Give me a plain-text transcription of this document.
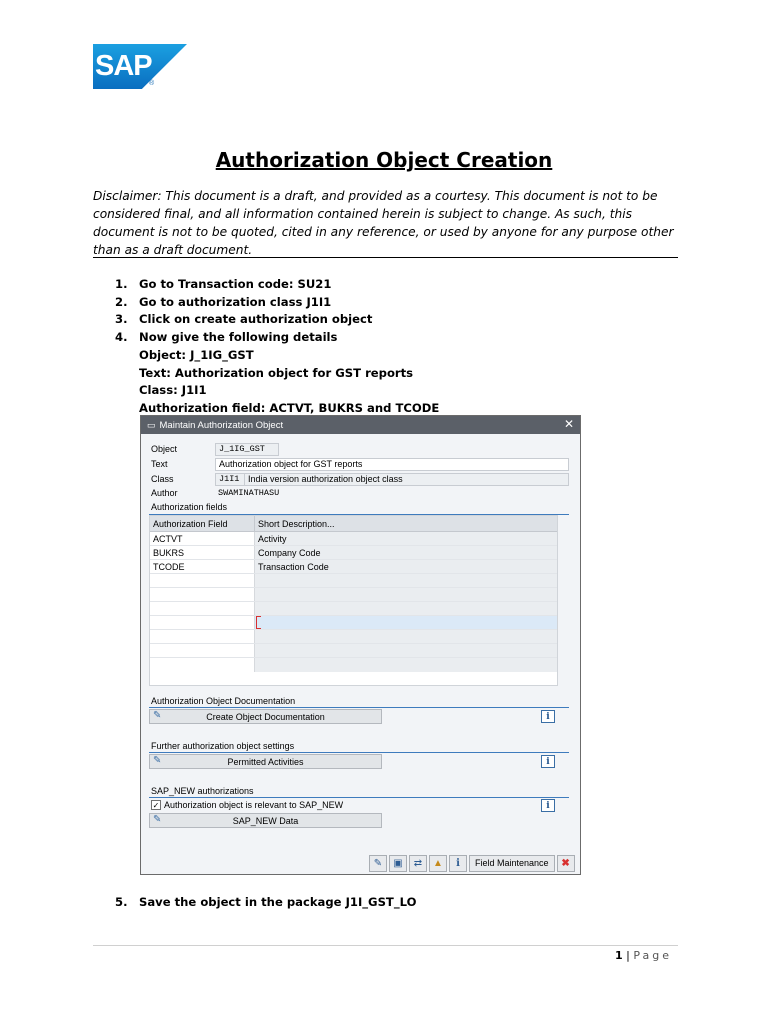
SAP
®
Authorization Object Creation
Disclaimer: This document is a draft, and provided as a courtesy. This document is not to be considered final, and all information contained herein is subject to change. As such, this document is not to be quoted, cited in any reference, or used by anyone for any purpose other than as a draft document.
1. Go to Transaction code: SU21
2. Go to authorization class J1I1
3. Click on create authorization object
4. Now give the following details
Object: J_1IG_GST
Text: Authorization object for GST reports
Class: J1I1
Authorization field: ACTVT, BUKRS and TCODE
▭ Maintain Authorization Object	✕
Object	J_1IG_GST
Text	Authorization object for GST reports
Class	J1I1 India version authorization object class
Author	SWAMINATHASU
Authorization fields
Authorization Field	Short Description...
ACTVT	Activity
BUKRS	Company Code
TCODE	Transaction Code
Authorization Object Documentation
✎	Create Object Documentation	i
Further authorization object settings
✎	Permitted Activities	i
SAP_NEW authorizations
✓ Authorization object is relevant to SAP_NEW	i
✎	SAP_NEW Data
✎	▣	⇄	▲	i	Field Maintenance	✖
5. Save the object in the package J1I_GST_LO
1 | Page
